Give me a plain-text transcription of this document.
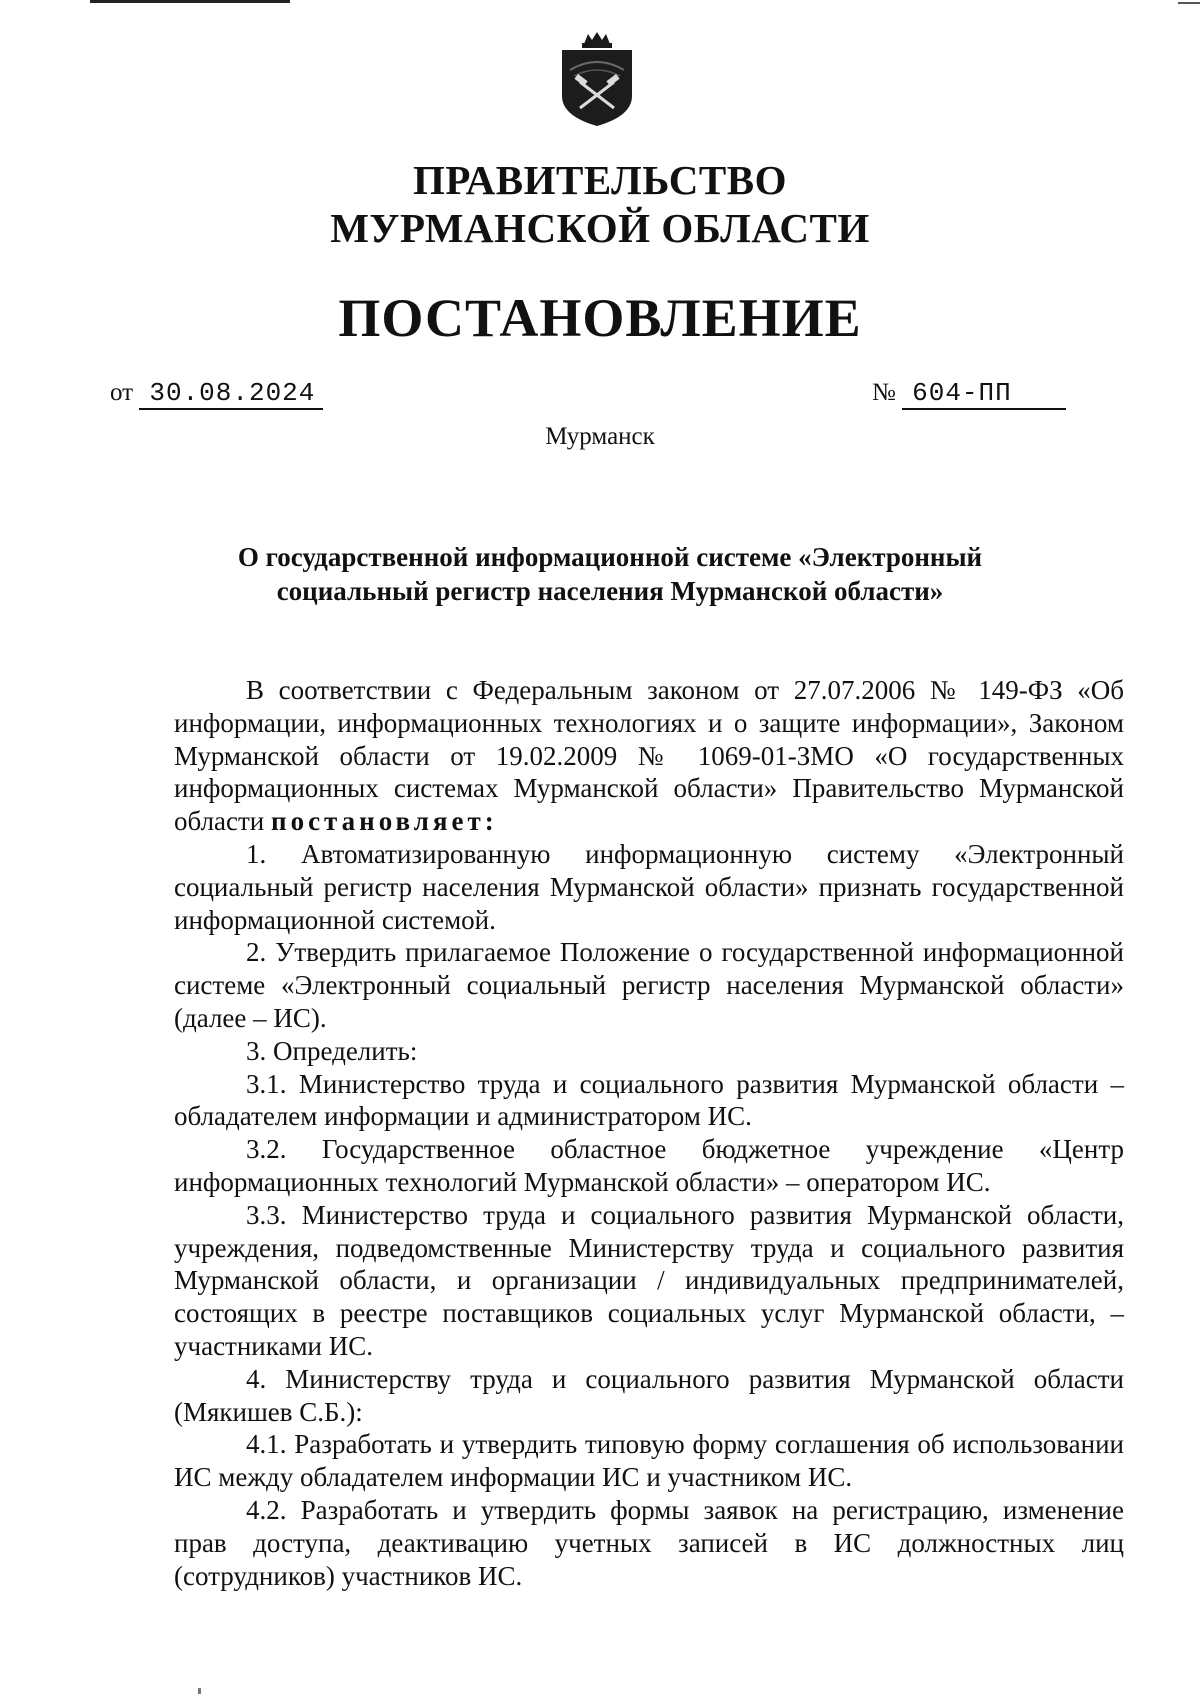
ПРАВИТЕЛЬСТВО
МУРМАНСКОЙ ОБЛАСТИ
ПОСТАНОВЛЕНИЕ
от 30.08.2024	№ 604-ПП
Мурманск
О государственной информационной системе «Электронный социальный регистр населения Мурманской области»

В соответствии с Федеральным законом от 27.07.2006 № 149-ФЗ «Об информации, информационных технологиях и о защите информации», Законом Мурманской области от 19.02.2009 № 1069-01-ЗМО «О государственных информационных системах Мурманской области» Правительство Мурманской области постановляет:

1. Автоматизированную информационную систему «Электронный социальный регистр населения Мурманской области» признать государственной информационной системой.

2. Утвердить прилагаемое Положение о государственной информационной системе «Электронный социальный регистр населения Мурманской области» (далее – ИС).

3. Определить:

3.1. Министерство труда и социального развития Мурманской области – обладателем информации и администратором ИС.

3.2. Государственное областное бюджетное учреждение «Центр информационных технологий Мурманской области» – оператором ИС.

3.3. Министерство труда и социального развития Мурманской области, учреждения, подведомственные Министерству труда и социального развития Мурманской области, и организации / индивидуальных предпринимателей, состоящих в реестре поставщиков социальных услуг Мурманской области, – участниками ИС.

4. Министерству труда и социального развития Мурманской области (Мякишев С.Б.):

4.1. Разработать и утвердить типовую форму соглашения об использовании ИС между обладателем информации ИС и участником ИС.

4.2. Разработать и утвердить формы заявок на регистрацию, изменение прав доступа, деактивацию учетных записей в ИС должностных лиц (сотрудников) участников ИС.
